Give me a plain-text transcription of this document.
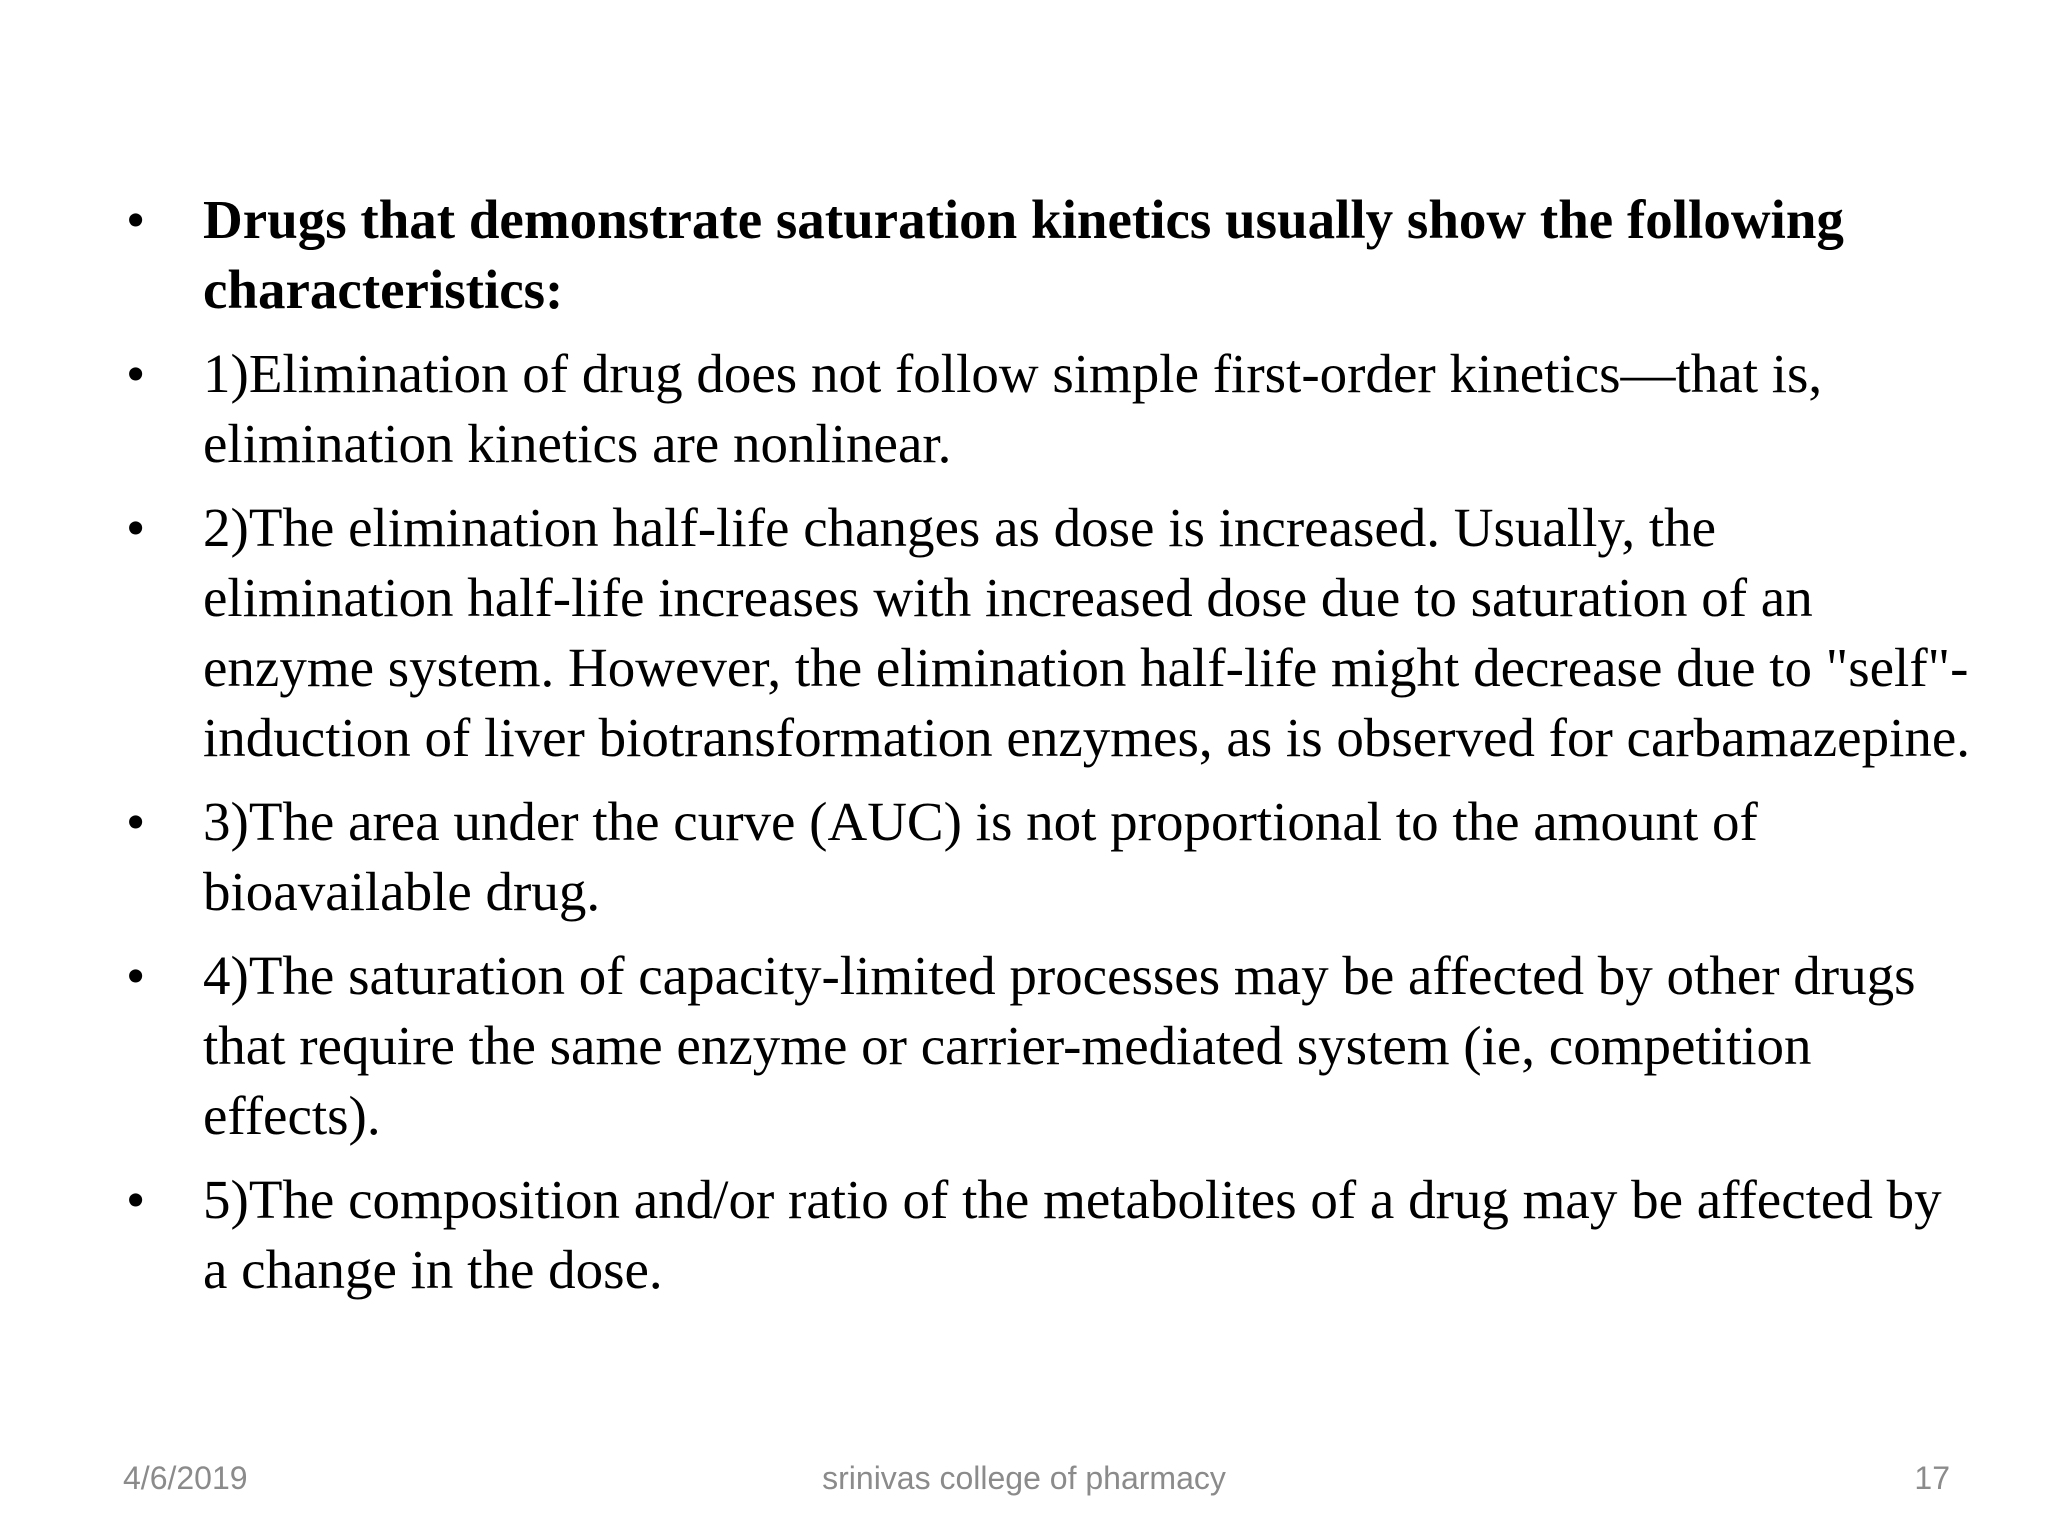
• Drugs that demonstrate saturation kinetics usually show the following characteristics:
• 1)Elimination of drug does not follow simple first-order kinetics—that is, elimination kinetics are nonlinear.
• 2)The elimination half-life changes as dose is increased. Usually, the elimination half-life increases with increased dose due to saturation of an enzyme system. However, the elimination half-life might decrease due to "self"-induction of liver biotransformation enzymes, as is observed for carbamazepine.
• 3)The area under the curve (AUC) is not proportional to the amount of bioavailable drug.
• 4)The saturation of capacity-limited processes may be affected by other drugs that require the same enzyme or carrier-mediated system (ie, competition effects).
• 5)The composition and/or ratio of the metabolites of a drug may be affected by a change in the dose.
4/6/2019	srinivas college of pharmacy	17
